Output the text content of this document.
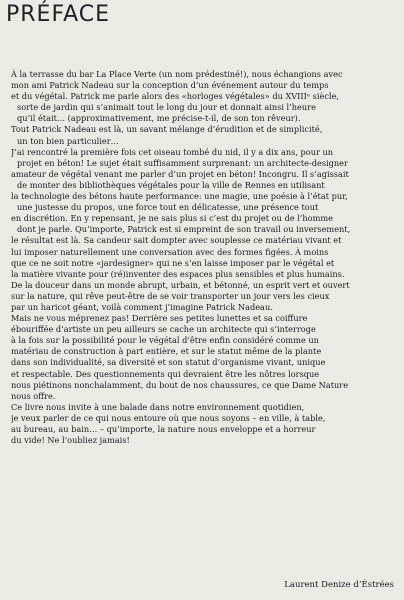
PRÉFACE
À la terrasse du bar La Place Verte (un nom prédestiné!), nous échangions avec
mon ami Patrick Nadeau sur la conception d’un événement autour du temps
et du végétal. Patrick me parle alors des «horloges végétales» du XVIIIᵉ siècle,
sorte de jardin qui s’animait tout le long du jour et donnait ainsi l’heure
qu’il était… (approximativement, me précise-t-il, de son ton rêveur).
Tout Patrick Nadeau est là, un savant mélange d’érudition et de simplicité,
un ton bien particulier…
J’ai rencontré la première fois cet oiseau tombé du nid, il y a dix ans, pour un
projet en béton! Le sujet était suffisamment surprenant: un architecte-designer
amateur de végétal venant me parler d’un projet en béton! Incongru. Il s’agissait
de monter des bibliothèques végétales pour la ville de Rennes en utilisant
la technologie des bétons haute performance: une magie, une poésie à l’état pur,
une justesse du propos, une force tout en délicatesse, une présence tout
en discrétion. En y repensant, je ne sais plus si c’est du projet ou de l’homme
dont je parle. Qu’importe, Patrick est si empreint de son travail ou inversement,
le résultat est là. Sa candeur sait dompter avec souplesse ce matériau vivant et
lui imposer naturellement une conversation avec des formes figées. À moins
que ce ne soit notre «jardesigner» qui ne s’en laisse imposer par le végétal et
la matière vivante pour (ré)inventer des espaces plus sensibles et plus humains.
De la douceur dans un monde abrupt, urbain, et bétonné, un esprit vert et ouvert
sur la nature, qui rêve peut-être de se voir transporter un jour vers les cieux
par un haricot géant, voilà comment j’imagine Patrick Nadeau.
Mais ne vous méprenez pas! Derrière ses petites lunettes et sa coiffure
ébouriffée d’artiste un peu ailleurs se cache un architecte qui s’interroge
à la fois sur la possibilité pour le végétal d’être enfin considéré comme un
matériau de construction à part entière, et sur le statut même de la plante
dans son individualité, sa diversité et son statut d’organisme vivant, unique
et respectable. Des questionnements qui devraient être les nôtres lorsque
nous piétinons nonchalamment, du bout de nos chaussures, ce que Dame Nature
nous offre.
Ce livre nous invite à une balade dans notre environnement quotidien,
je veux parler de ce qui nous entoure où que nous soyons – en ville, à table,
au bureau, au bain… – qu’importe, la nature nous enveloppe et a horreur
du vide! Ne l’oubliez jamais!

Laurent Denize d’Éstrées
